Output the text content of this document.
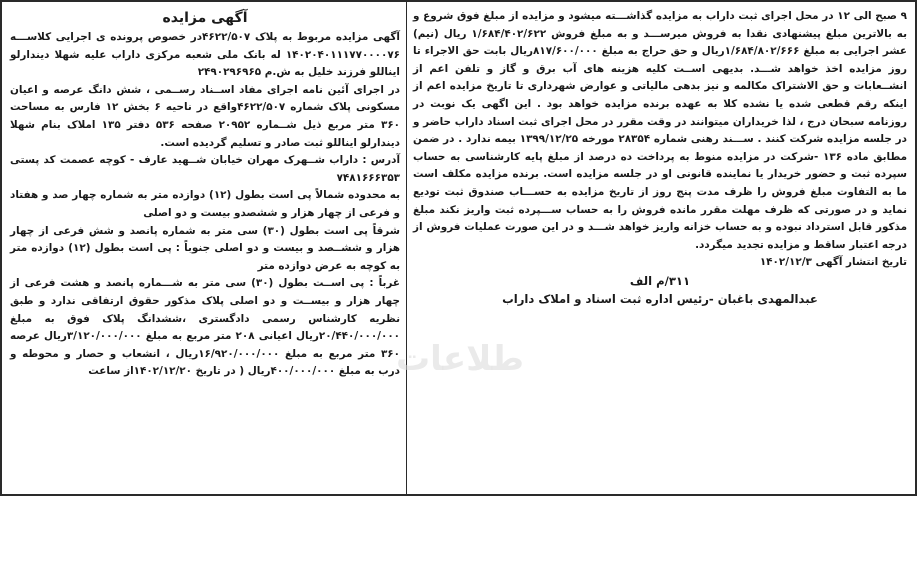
آگهی مزایده

آگهی مزایده مربوط به پلاک ۴۶۲۲/۵۰۷در خصوص پرونده ی اجرایی کلاســـه ۱۴۰۲۰۴۰۱۱۱۷۷۰۰۰۰۷۶ له بانک ملی شعبه مرکزی داراب علیه شهلا دیندارلو ایناللو فرزند خلیل به ش.م ۲۴۹۰۲۹۶۹۶۵

در اجرای آئین نامه اجرای مفاد اســناد رســمی ، شش دانگ عرصه و اعیان مسکونی پلاک شماره ۴۶۲۲/۵۰۷واقع در ناحیه ۶ بخش ۱۲ فارس به مساحت ۳۶۰ متر مربع ذیل شــماره ۲۰۹۵۲ صفحه ۵۳۶ دفتر ۱۳۵ املاک بنام شهلا دیندارلو ایناللو ثبت صادر و تسلیم گردیده است.

آدرس : داراب شــهرک مهران خیابان شــهید عارف - کوچه عصمت کد پستی ۷۴۸۱۶۶۶۳۵۳

به محدوده شمالاً پی است بطول (۱۲) دوازده متر به شماره چهار صد و هفتاد و فرعی از چهار هزار و ششصدو بیست و دو اصلی

شرقاً پی است بطول (۳۰) سی متر به شماره پانصد و شش فرعی از چهار هزار و ششــصد و بیست و دو اصلی جنوباً : پی است بطول (۱۲) دوازده متر به کوچه به عرض دوازده متر

غرباً : پی اســت بطول (۳۰) سی متر به شـــماره پانصد و هشت فرعی از چهار هزار و بیســت و دو اصلی پلاک مذکور حقوق ارتفاقی ندارد و طبق نظریه کارشناس رسمی دادگستری ،ششدانگ پلاک فوق به مبلغ ۲۰/۴۴۰/۰۰۰/۰۰۰ریال اعیانی ۲۰۸ متر مربع به مبلغ ۳/۱۲۰/۰۰۰/۰۰۰ریال عرصه ۳۶۰ متر مربع به مبلغ ۱۶/۹۲۰/۰۰۰/۰۰۰ریال ، انشعاب و حصار و محوطه و درب به مبلغ ۴۰۰/۰۰۰/۰۰۰ریال ( در تاریخ ۱۴۰۲/۱۲/۲۰از ساعت

۹ صبح الی ۱۲ در محل اجرای ثبت داراب به مزایده گذاشـــته میشود و مزایده از مبلغ فوق شروع و به بالاترین مبلغ پیشنهادی نقدا به فروش میرســـد و به مبلغ فروش ۱/۶۸۴/۴۰۲/۶۲۲ ریال (نیم) عشر اجرایی به مبلغ ۱/۶۸۴/۸۰۲/۶۶۶ریال و حق حراج به مبلغ ۸۱۷/۶۰۰/۰۰۰ریال بابت حق الاجراء تا روز مزایده اخذ خواهد شـــد. بدیهی اســت کلیه هزینه های آب برق و گاز و تلفن اعم از انشــعابات و حق الاشتراک مکالمه و نیز بدهی مالیاتی و عوارض شهرداری تا تاریخ مزایده اعم از اینکه رقم قطعی شده یا نشده کلا به عهده برنده مزایده خواهد بود . این اگهی یک نوبت در روزنامه سبحان درج ، لذا خریداران میتوانند در وقت مقرر در محل اجرای ثبت اسناد داراب حاضر و در جلسه مزایده شرکت کنند . ســـند رهنی شماره ۲۸۳۵۴ مورخه ۱۳۹۹/۱۲/۲۵ بیمه ندارد . در ضمن مطابق ماده ۱۳۶ -شرکت در مزایده منوط به پرداخت ده درصد از مبلغ پایه کارشناسی به حساب سپرده ثبت و حضور خریدار یا نماینده قانونی او در جلسه مزایده است. برنده مزایده مکلف است ما به التفاوت مبلغ فروش را ظرف مدت پنج روز از تاریخ مزایده به حســـاب صندوق ثبت تودیع نماید و در صورتی که ظرف مهلت مقرر مانده فروش را به حساب ســـپرده ثبت واریز نکند مبلغ مذکور قابل استرداد نبوده و به حساب خزانه واریز خواهد شـــد و در این صورت عملیات فروش از درجه اعتبار ساقط و مزایده تجدید میگردد.

تاریخ انتشار آگهی ۱۴۰۲/۱۲/۳

۳۱۱/م الف
عبدالمهدی باغبان -رئیس اداره ثبت اسناد و املاک داراب
طلاعات
